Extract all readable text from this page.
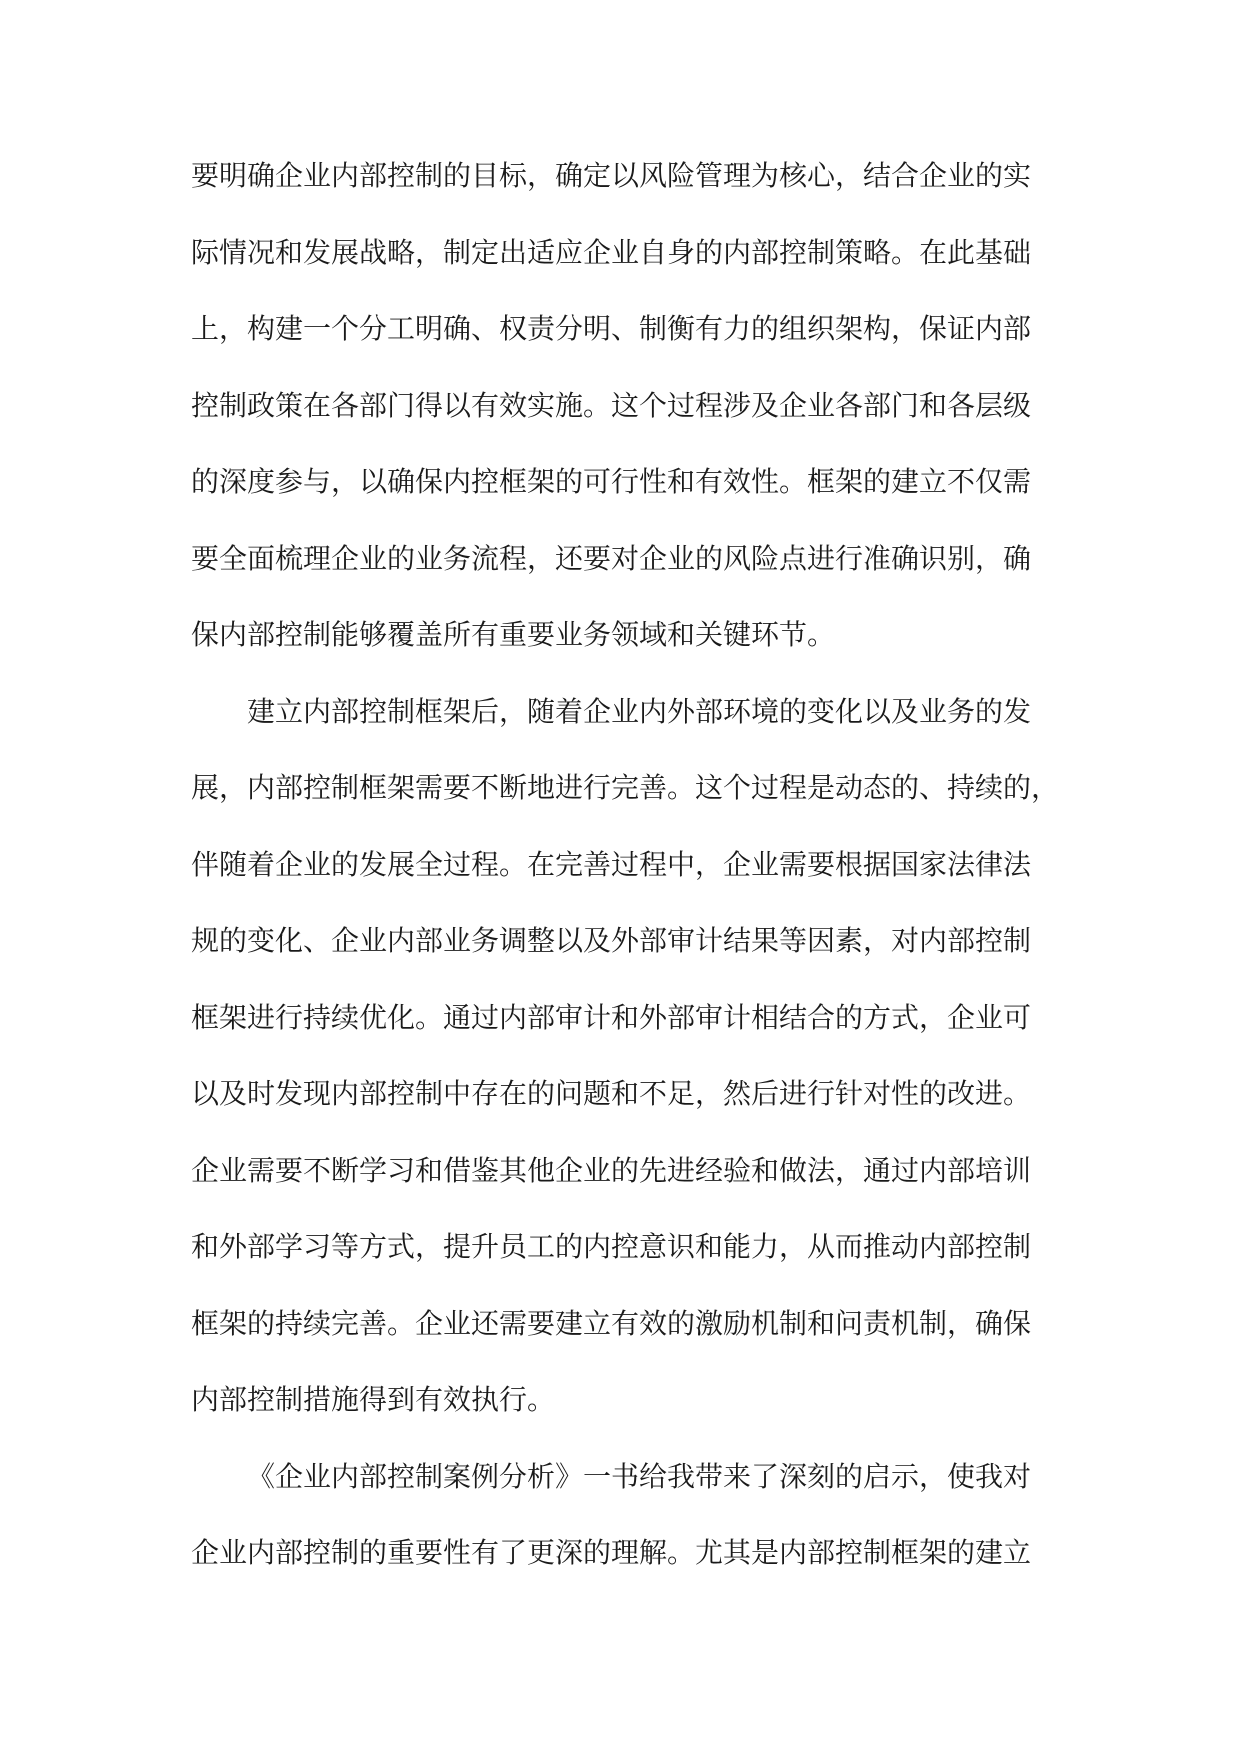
要明确企业内部控制的目标，确定以风险管理为核心，结合企业的实
际情况和发展战略，制定出适应企业自身的内部控制策略。在此基础
上，构建一个分工明确、权责分明、制衡有力的组织架构，保证内部
控制政策在各部门得以有效实施。这个过程涉及企业各部门和各层级
的深度参与，以确保内控框架的可行性和有效性。框架的建立不仅需
要全面梳理企业的业务流程，还要对企业的风险点进行准确识别，确
保内部控制能够覆盖所有重要业务领域和关键环节。
建立内部控制框架后，随着企业内外部环境的变化以及业务的发
展，内部控制框架需要不断地进行完善。这个过程是动态的、持续的，
伴随着企业的发展全过程。在完善过程中，企业需要根据国家法律法
规的变化、企业内部业务调整以及外部审计结果等因素，对内部控制
框架进行持续优化。通过内部审计和外部审计相结合的方式，企业可
以及时发现内部控制中存在的问题和不足，然后进行针对性的改进。
企业需要不断学习和借鉴其他企业的先进经验和做法，通过内部培训
和外部学习等方式，提升员工的内控意识和能力，从而推动内部控制
框架的持续完善。企业还需要建立有效的激励机制和问责机制，确保
内部控制措施得到有效执行。
《企业内部控制案例分析》一书给我带来了深刻的启示，使我对
企业内部控制的重要性有了更深的理解。尤其是内部控制框架的建立
